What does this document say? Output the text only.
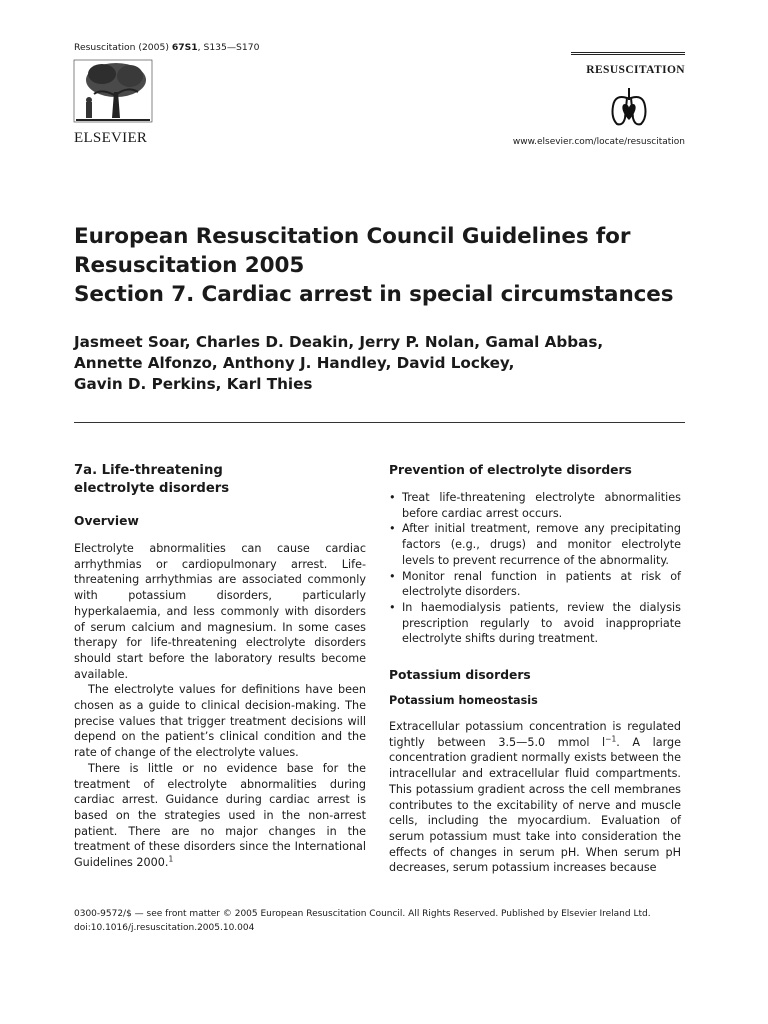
Resuscitation (2005) 67S1, S135—S170
ELSEVIER
RESUSCITATION
www.elsevier.com/locate/resuscitation
European Resuscitation Council Guidelines for
Resuscitation 2005
Section 7. Cardiac arrest in special circumstances
Jasmeet Soar, Charles D. Deakin, Jerry P. Nolan, Gamal Abbas,
Annette Alfonzo, Anthony J. Handley, David Lockey,
Gavin D. Perkins, Karl Thies
7a. Life-threatening electrolyte disorders
Overview

Electrolyte abnormalities can cause cardiac arrhythmias or cardiopulmonary arrest. Life-threatening arrhythmias are associated commonly with potassium disorders, particularly hyperkalaemia, and less commonly with disorders of serum calcium and magnesium. In some cases therapy for life-threatening electrolyte disorders should start before the laboratory results become available.

The electrolyte values for definitions have been chosen as a guide to clinical decision-making. The precise values that trigger treatment decisions will depend on the patient’s clinical condition and the rate of change of the electrolyte values.

There is little or no evidence base for the treatment of electrolyte abnormalities during cardiac arrest. Guidance during cardiac arrest is based on the strategies used in the non-arrest patient. There are no major changes in the treatment of these disorders since the International Guidelines 2000.$^1$

Prevention of electrolyte disorders
• Treat life-threatening electrolyte abnormalities before cardiac arrest occurs.
• After initial treatment, remove any precipitating factors (e.g., drugs) and monitor electrolyte levels to prevent recurrence of the abnormality.
• Monitor renal function in patients at risk of electrolyte disorders.
• In haemodialysis patients, review the dialysis prescription regularly to avoid inappropriate electrolyte shifts during treatment.
Potassium disorders
Potassium homeostasis

Extracellular potassium concentration is regulated tightly between 3.5—5.0 mmol $l^{-1}$. A large concentration gradient normally exists between the intracellular and extracellular fluid compartments. This potassium gradient across the cell membranes contributes to the excitability of nerve and muscle cells, including the myocardium. Evaluation of serum potassium must take into consideration the effects of changes in serum pH. When serum pH decreases, serum potassium increases because

0300-9572/$ — see front matter © 2005 European Resuscitation Council. All Rights Reserved. Published by Elsevier Ireland Ltd.
doi:10.1016/j.resuscitation.2005.10.004
